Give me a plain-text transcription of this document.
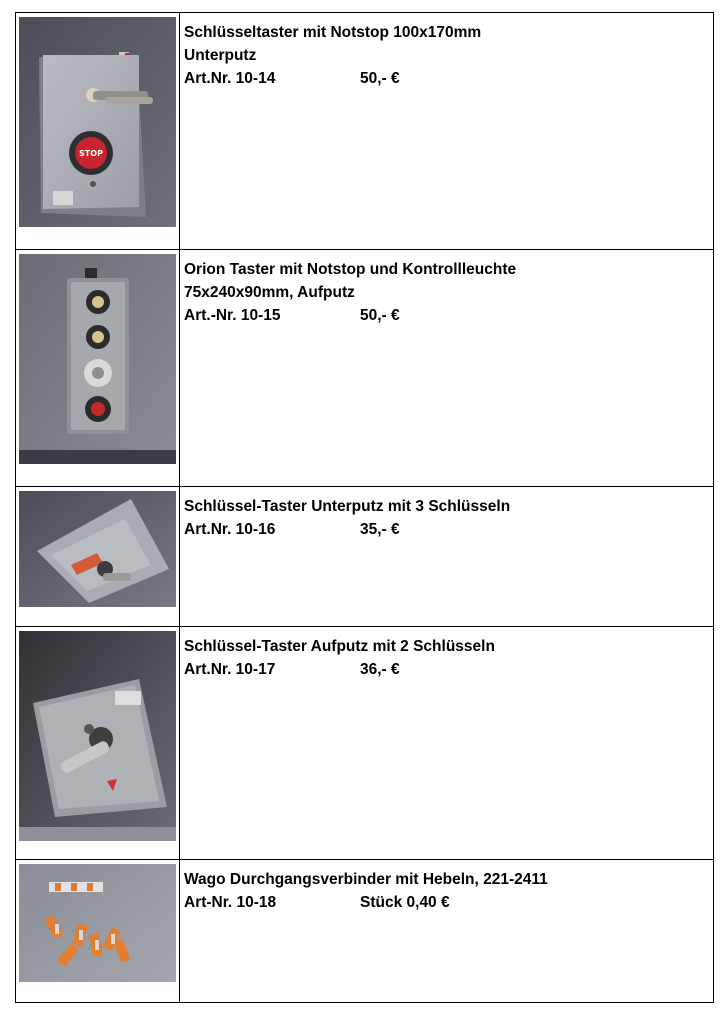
STOP	Schlüsseltaster mit Notstop 100x170mm
Unterputz
Art.Nr. 10-14 50,- €

Orion Taster mit Notstop und Kontrollleuchte
75x240x90mm, Aufputz
Art.-Nr. 10-15 50,- €

Schlüssel-Taster Unterputz mit 3 Schlüsseln
Art.Nr. 10-16 35,- €

Schlüssel-Taster Aufputz mit 2 Schlüsseln
Art.Nr. 10-17 36,- €

Wago Durchgangsverbinder mit Hebeln, 221-2411
Art-Nr. 10-18 Stück 0,40 €
